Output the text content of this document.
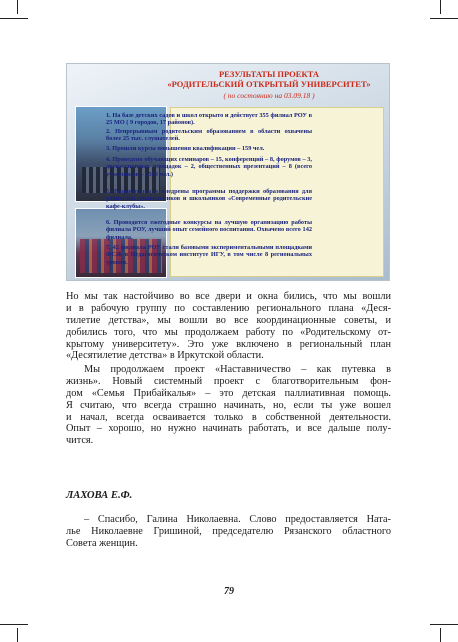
РЕЗУЛЬТАТЫ ПРОЕКТА
«РОДИТЕЛЬСКИЙ ОТКРЫТЫЙ УНИВЕРСИТЕТ»
( по состоянию на 03.09.18 )
1. На базе детских садов и школ открыто и действует 355 филиал РОУ в 25 МО ( 9 городов, 17 районов).
2. Непрерывным родительским образованием в области охвачены более 25 тыс. слушателей.
3. Прошли курсы повышения квалификации – 159 чел.
4. Проведено обучающих семинаров – 15, конференций – 8, форумов – 3, дискуссионных площадок – 2, общественных презентаций – 8 (всего участников – 2500 чел.)
5. Разработаны и внедрены программы поддержки образования для родителей дошкольников и школьников «Современные родительские кафе-клубы».
6. Проводятся ежегодные конкурсы на лучшую организацию работы филиала РОУ, лучший опыт семейного воспитания. Охвачено всего 142 филиала.
7. 42 филиала РОУ стали базовыми экспериментальными площадками ФСЖ в Педагогическом институте ИГУ, в том числе 8 региональных уровня.
Но мы так настойчиво во все двери и окна бились, что мы вошли
и в рабочую группу по составлению регионального плана «Деся-
тилетие детства», мы вошли во все координационные советы, и
добились того, что мы продолжаем работу по «Родительскому от-
крытому университету». Это уже включено в региональный план
«Десятилетие детства» в Иркутской области.
Мы продолжаем проект «Наставничество – как путевка в
жизнь». Новый системный проект с благотворительным фон-
дом «Семья Прибайкалья» – это детская паллиативная помощь.
Я считаю, что всегда страшно начинать, но, если ты уже вошел
и начал, всегда осваивается только в собственной деятельности.
Опыт – хорошо, но нужно начинать работать, и все дальше полу-
чится.
ЛАХОВА Е.Ф.
– Спасибо, Галина Николаевна. Слово предоставляется Ната-
лье Николаевне Гришиной, председателю Рязанского областного
Совета женщин.
79
